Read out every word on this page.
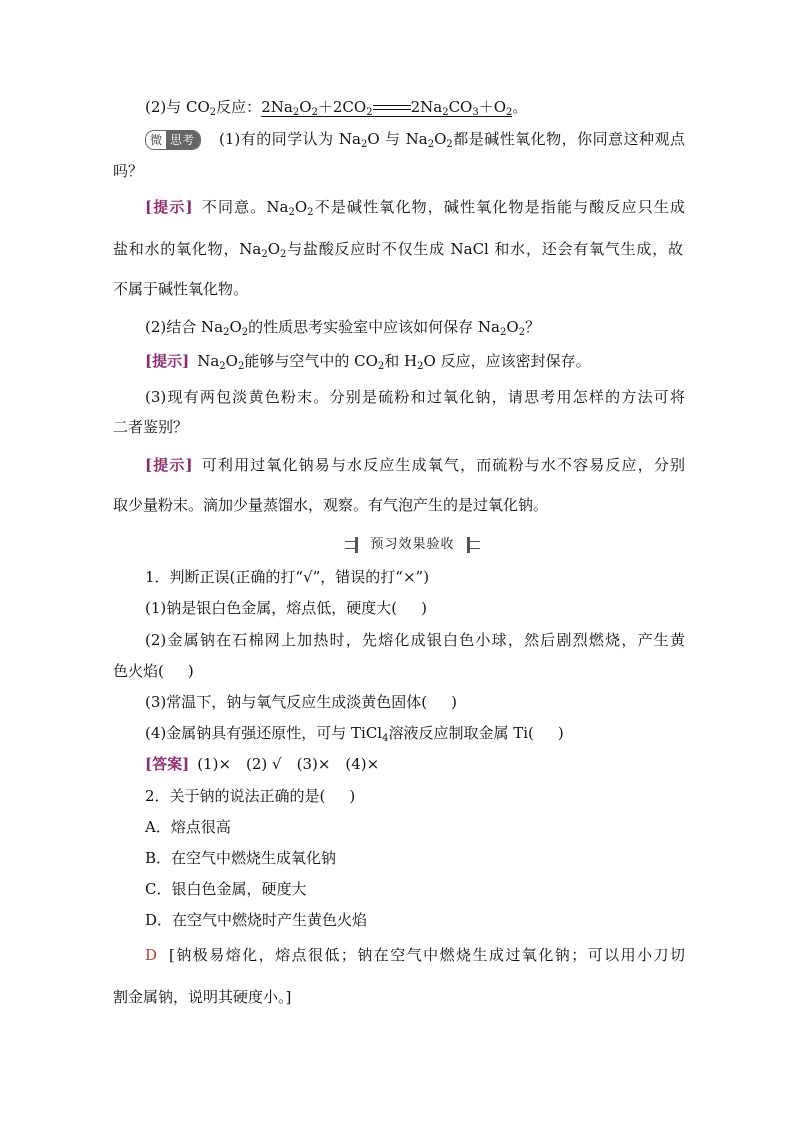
(2)与 $CO_2$反应：$2Na_2O_2+2CO_2$	$2Na_2CO_3+O_2$。
微 思考	(1)有的同学认为 $Na_2O$ 与 $Na_2O_2$都是碱性氧化物，你同意这种观点
吗？
[提示] 不同意。$Na_2O_2$不是碱性氧化物，碱性氧化物是指能与酸反应只生成
盐和水的氧化物，$Na_2O_2$与盐酸反应时不仅生成 NaCl 和水，还会有氧气生成，故
不属于碱性氧化物。
(2)结合 $Na_2O_2$的性质思考实验室中应该如何保存 $Na_2O_2$？
[提示] $Na_2O_2$能够与空气中的 $CO_2$和 $H_2O$ 反应，应该密封保存。
(3)现有两包淡黄色粉末。分别是硫粉和过氧化钠，请思考用怎样的方法可将
二者鉴别？
[提示] 可利用过氧化钠易与水反应生成氧气，而硫粉与水不容易反应，分别
取少量粉末。滴加少量蒸馏水，观察。有气泡产生的是过氧化钠。
预习效果验收
1．判断正误(正确的打“√”，错误的打“×”)
(1)钠是银白色金属，熔点低，硬度大( )
(2)金属钠在石棉网上加热时，先熔化成银白色小球，然后剧烈燃烧，产生黄
色火焰( )
(3)常温下，钠与氧气反应生成淡黄色固体( )
(4)金属钠具有强还原性，可与 TiCl$_4$溶液反应制取金属 Ti( )
[答案] (1)×　(2) √　(3)×　(4)×
2．关于钠的说法正确的是( )
A．熔点很高
B．在空气中燃烧生成氧化钠
C．银白色金属，硬度大
D．在空气中燃烧时产生黄色火焰
D [钠极易熔化，熔点很低；钠在空气中燃烧生成过氧化钠；可以用小刀切
割金属钠，说明其硬度小。]
